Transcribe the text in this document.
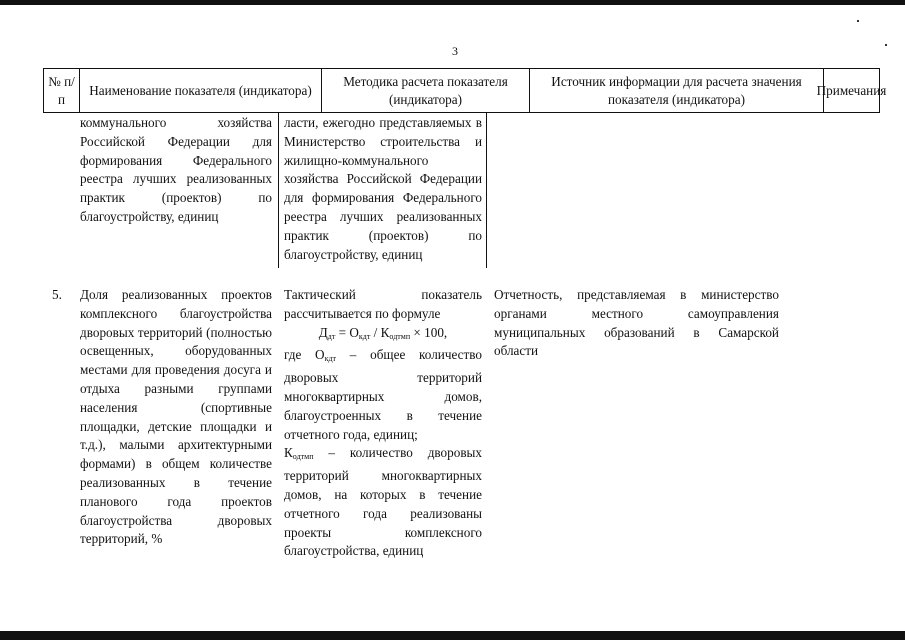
3
№ п/п
Наименование показателя (индикатора)
Методика расчета показателя (индикатора)
Источник информации для расчета значения показателя (индикатора)
Примечания
коммунального хозяйства Российской Федерации для формирования Федерального реестра лучших реализованных практик (проектов) по благоустройству, единиц
ласти, ежегодно представляемых в Министерство строительства и жилищно-коммунального хозяйства Российской Федерации для формирования Федерального реестра лучших реализованных практик (проектов) по благоустройству, единиц
5. Доля реализованных проектов комплексного благоустройства дворовых территорий (полностью освещенных, оборудованных местами для проведения досуга и отдыха разными группами населения (спортивные площадки, детские площадки и т.д.), малыми архитектурными формами) в общем количестве реализованных в течение планового года проектов благоустройства дворовых территорий, %
Тактический показатель рассчитывается по формуле
$Д_{дт} = О_{кдт} / К_{одтмп} \times 100$,
где $О_{кдт}$ – общее количество дворовых территорий многоквартирных домов, благоустроенных в течение отчетного года, единиц;
$К_{одтмп}$ – количество дворовых территорий многоквартирных домов, на которых в течение отчетного года реализованы проекты комплексного благоустройства, единиц
Отчетность, представляемая в министерство органами местного самоуправления муниципальных образований в Самарской области
